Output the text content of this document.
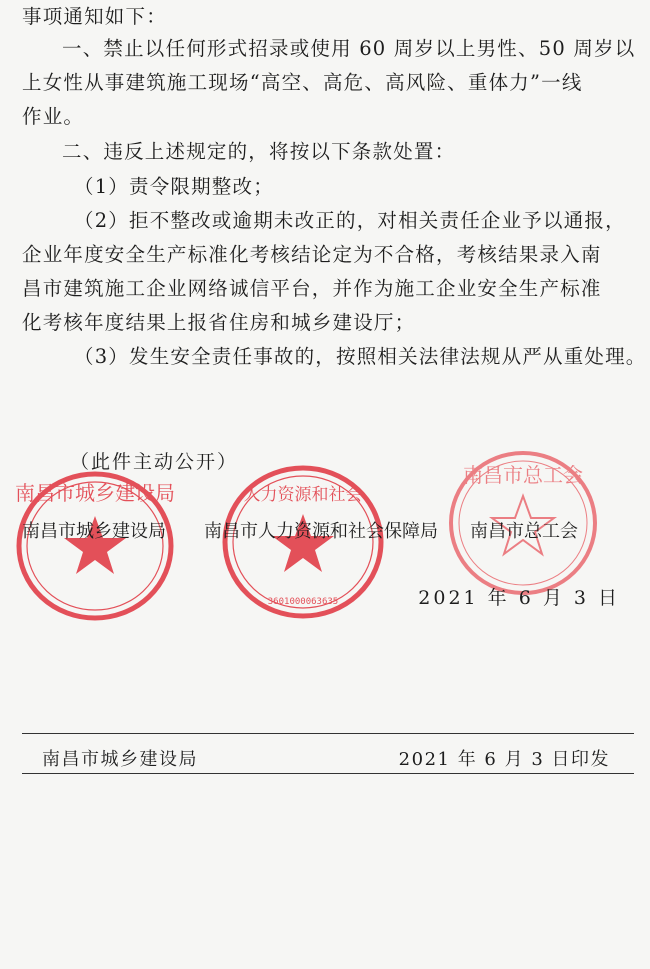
南昌市城乡建设局	人力资源和社会
3601000063635
南昌市总工会

事项通知如下：

一、禁止以任何形式招录或使用 60 周岁以上男性、50 周岁以
上女性从事建筑施工现场“高空、高危、高风险、重体力”一线
作业。

二、违反上述规定的，将按以下条款处置：

（1）责令限期整改；

（2）拒不整改或逾期未改正的，对相关责任企业予以通报，
企业年度安全生产标准化考核结论定为不合格，考核结果录入南
昌市建筑施工企业网络诚信平台，并作为施工企业安全生产标准
化考核年度结果上报省住房和城乡建设厅；

（3）发生安全责任事故的，按照相关法律法规从严从重处理。

（此件主动公开）
南昌市城乡建设局 南昌市人力资源和社会保障局 南昌市总工会
2021 年 6 月 3 日
南昌市城乡建设局	2021 年 6 月 3 日印发
